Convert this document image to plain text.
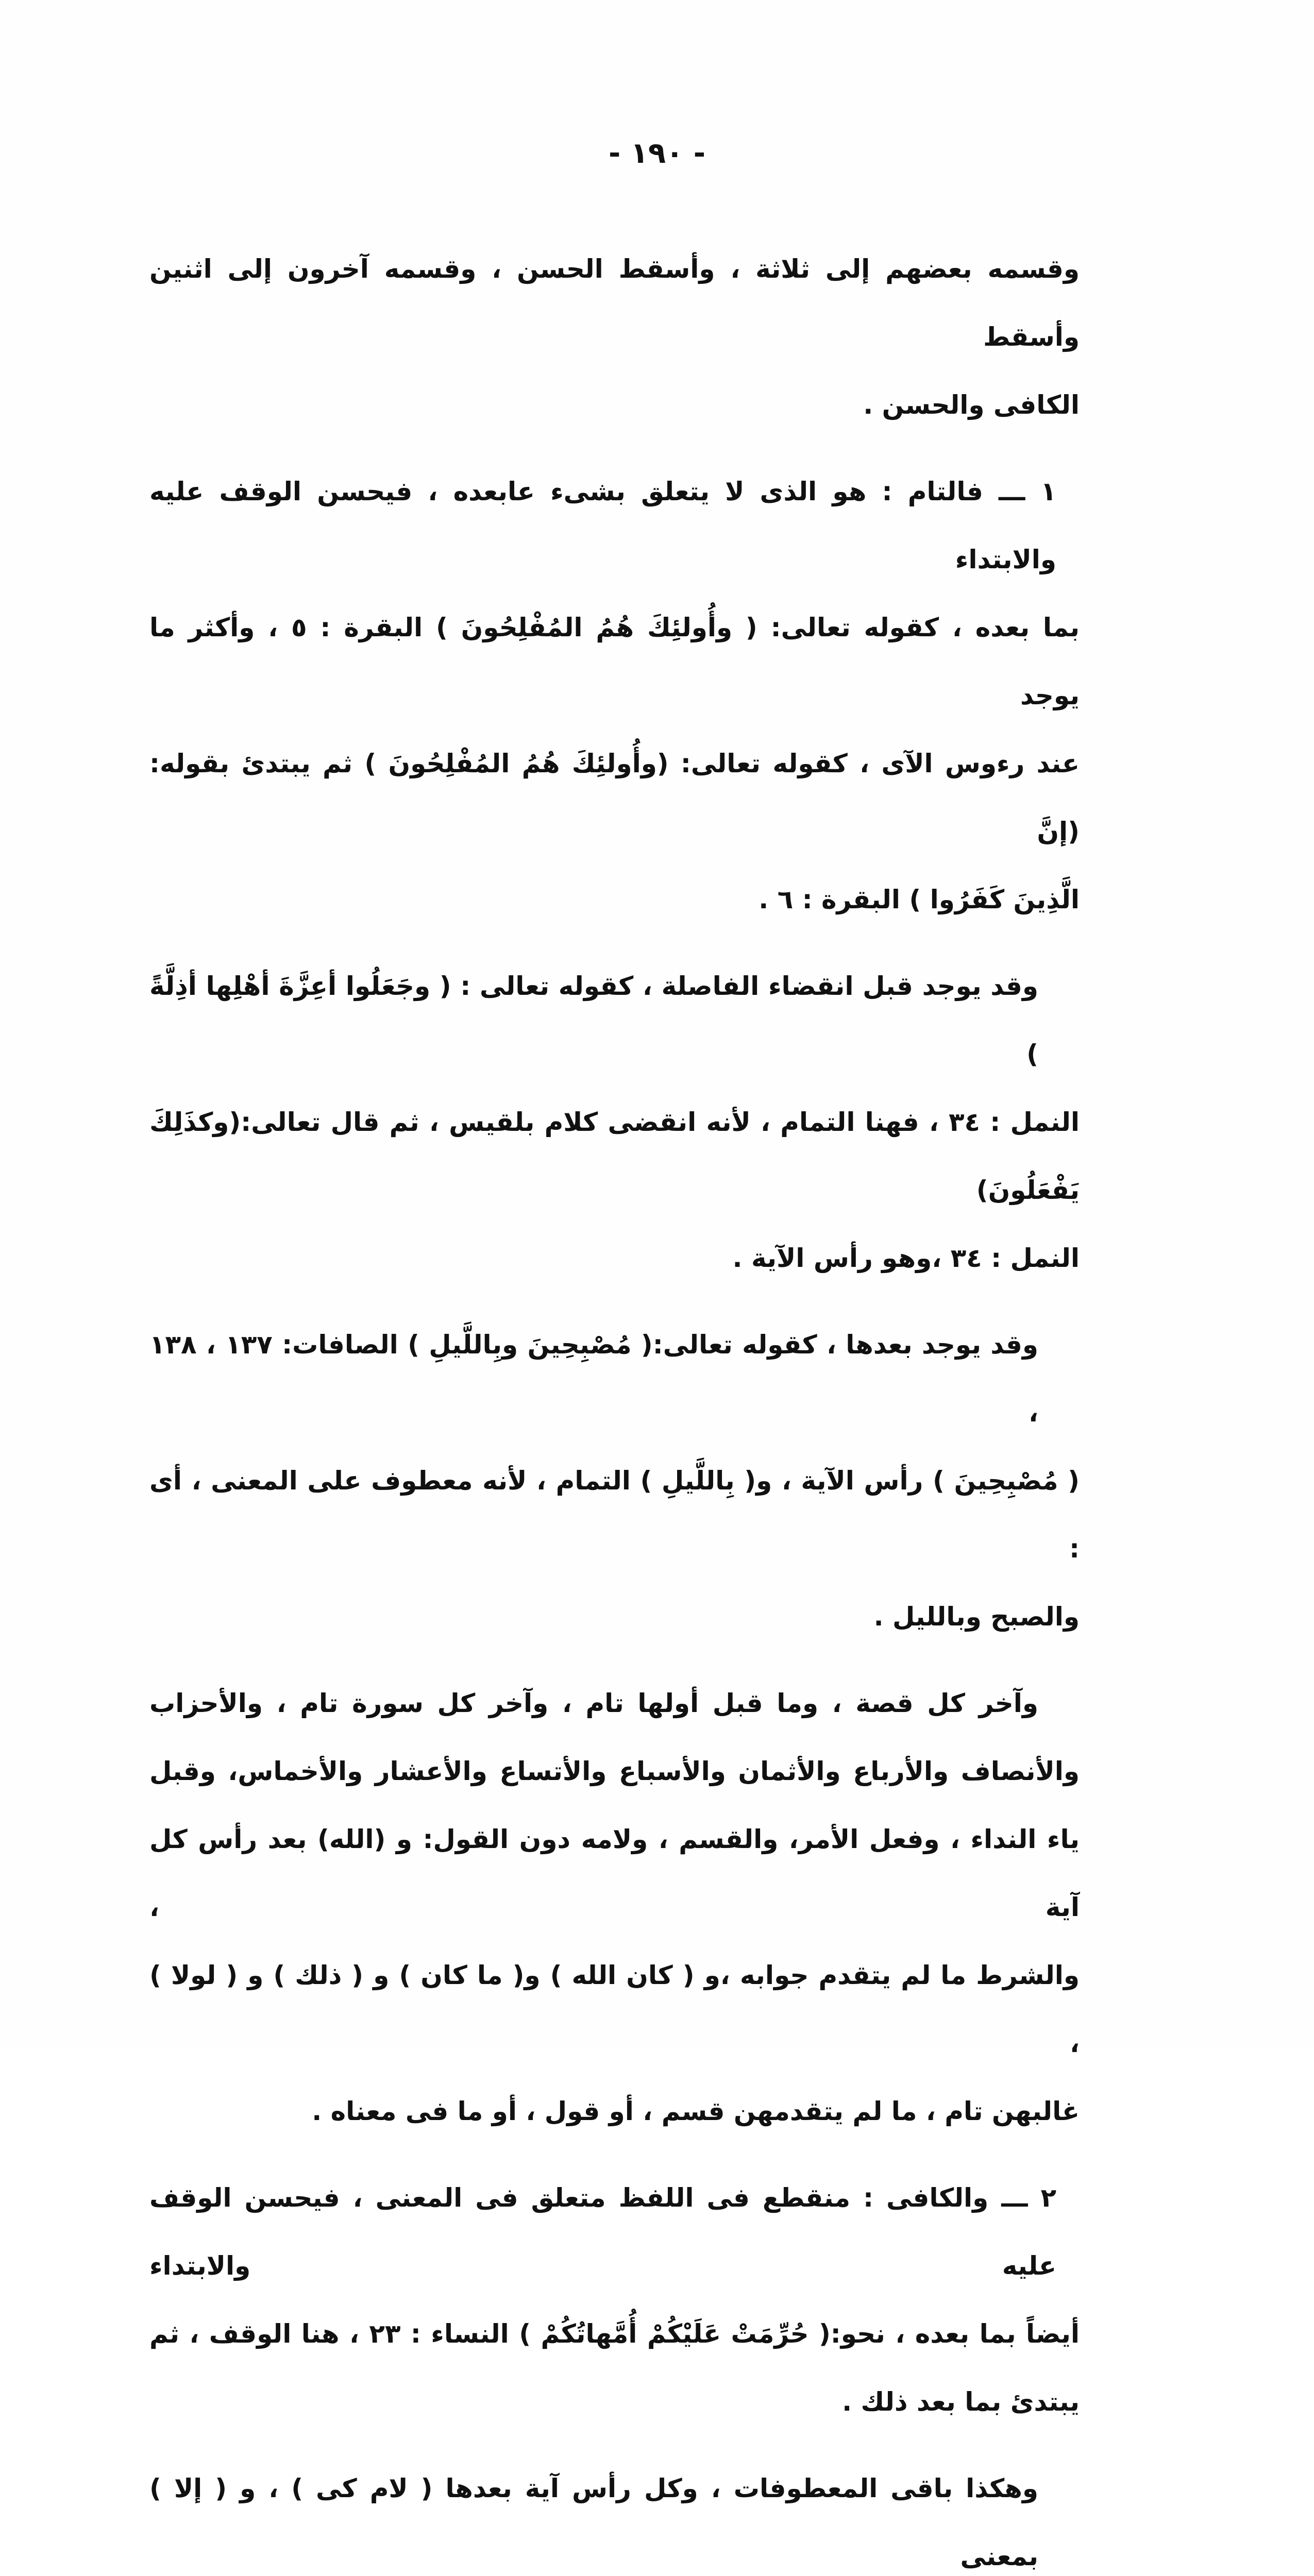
- ١٩٠ -
وقسمه بعضهم إلى ثلاثة ، وأسقط الحسن ، وقسمه آخرون إلى اثنين وأسقط
الكافى والحسن .
١ ـــ فالتام : هو الذى لا يتعلق بشىء عابعده ، فيحسن الوقف عليه والابتداء
بما بعده ، كقوله تعالى: ( وأُولئِكَ هُمُ المُفْلِحُونَ ) البقرة : ٥ ، وأكثر ما يوجد
عند رءوس الآى ، كقوله تعالى: (وأُولئِكَ هُمُ المُفْلِحُونَ ) ثم يبتدئ بقوله: (إنَّ
الَّذِينَ كَفَرُوا ) البقرة : ٦ .
وقد يوجد قبل انقضاء الفاصلة ، كقوله تعالى : ( وجَعَلُوا أعِزَّةَ أهْلِها أذِلَّةً )
النمل : ٣٤ ، فهنا التمام ، لأنه انقضى كلام بلقيس ، ثم قال تعالى:(وكذَلِكَ يَفْعَلُونَ)
النمل : ٣٤ ،وهو رأس الآية .
وقد يوجد بعدها ، كقوله تعالى:( مُصْبِحِينَ وبِاللَّيلِ ) الصافات: ١٣٧ ، ١٣٨ ،
( مُصْبِحِينَ ) رأس الآية ، و( بِاللَّيلِ ) التمام ، لأنه معطوف على المعنى ، أى :
والصبح وبالليل .
وآخر كل قصة ، وما قبل أولها تام ، وآخر كل سورة تام ، والأحزاب
والأنصاف والأرباع والأثمان والأسباع والأتساع والأعشار والأخماس، وقبل
ياء النداء ، وفعل الأمر، والقسم ، ولامه دون القول: و (الله) بعد رأس كل آية ،
والشرط ما لم يتقدم جوابه ،و ( كان الله ) و( ما كان ) و ( ذلك ) و ( لولا ) ،
غالبهن تام ، ما لم يتقدمهن قسم ، أو قول ، أو ما فى معناه .
٢ ـــ والكافى : منقطع فى اللفظ متعلق فى المعنى ، فيحسن الوقف عليه والابتداء
أيضاً بما بعده ، نحو:( حُرِّمَتْ عَلَيْكُمْ أُمَّهاتُكُمْ ) النساء : ٢٣ ، هنا الوقف ، ثم
يبتدئ بما بعد ذلك .
وهكذا باقى المعطوفات ، وكل رأس آية بعدها ( لام كى ) ، و ( إلا ) بمعنى
